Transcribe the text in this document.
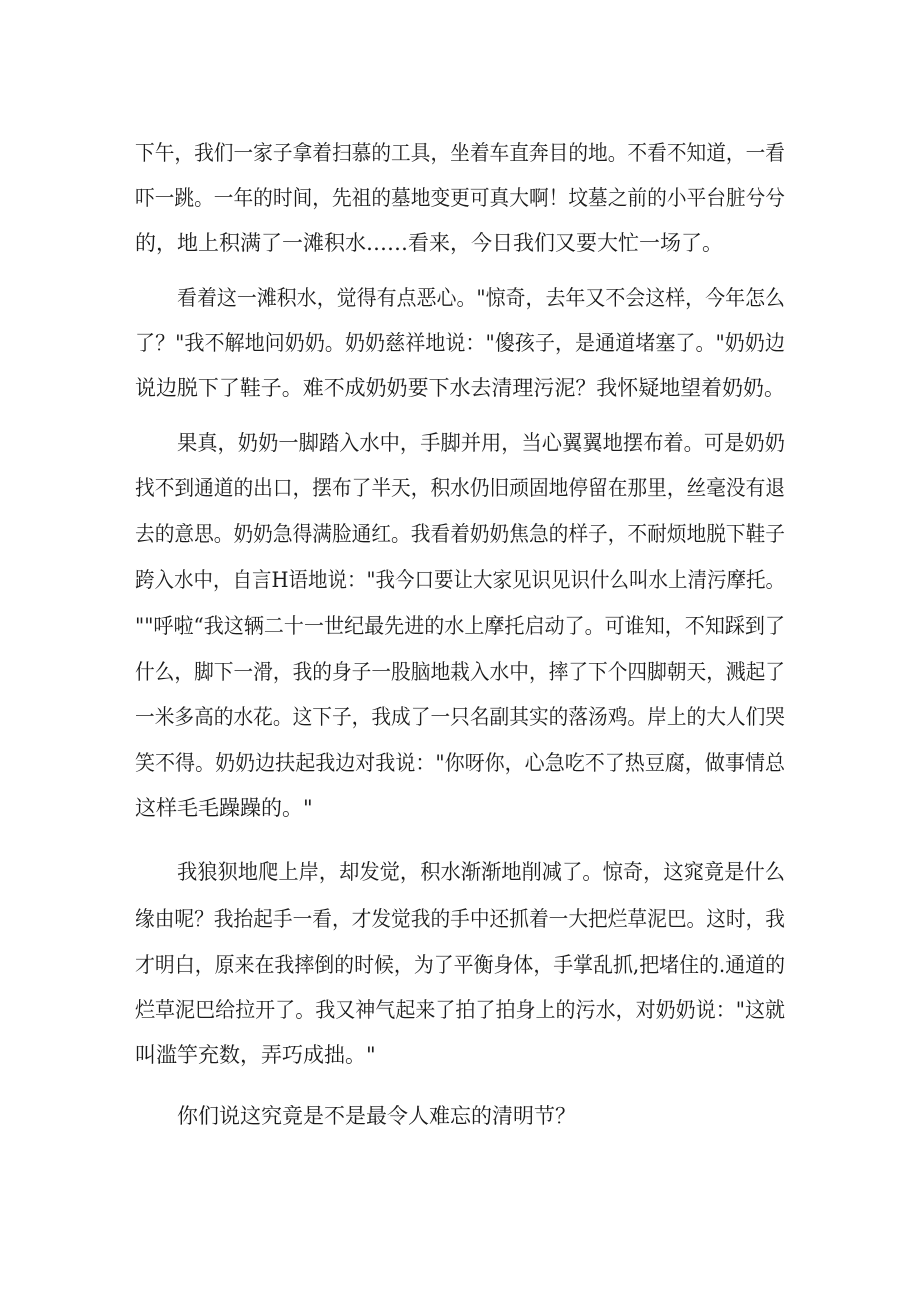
下午，我们一家子拿着扫慕的工具，坐着车直奔目的地。不看不知道，一看
吓一跳。一年的时间，先祖的墓地变更可真大啊！坟墓之前的小平台脏兮兮
的，地上积满了一滩积水……看来，今日我们又要大忙一场了。
看着这一滩积水，觉得有点恶心。"惊奇，去年又不会这样，今年怎么
了？"我不解地问奶奶。奶奶慈祥地说："傻孩子，是通道堵塞了。"奶奶边
说边脱下了鞋子。难不成奶奶要下水去清理污泥？我怀疑地望着奶奶。
果真，奶奶一脚踏入水中，手脚并用，当心翼翼地摆布着。可是奶奶
找不到通道的出口，摆布了半天，积水仍旧顽固地停留在那里，丝毫没有退
去的意思。奶奶急得满脸通红。我看着奶奶焦急的样子，不耐烦地脱下鞋子
跨入水中，自言H语地说："我今口要让大家见识见识什么叫水上清污摩托。
""呼啦“我这辆二十一世纪最先进的水上摩托启动了。可谁知，不知踩到了
什么，脚下一滑，我的身子一股脑地栽入水中，摔了下个四脚朝天，溅起了
一米多高的水花。这下子，我成了一只名副其实的落汤鸡。岸上的大人们哭
笑不得。奶奶边扶起我边对我说："你呀你，心急吃不了热豆腐，做事情总
这样毛毛躁躁的。"
我狼狈地爬上岸，却发觉，积水渐渐地削减了。惊奇，这窕竟是什么
缘由呢？我抬起手一看，才发觉我的手中还抓着一大把烂草泥巴。这时，我
才明白，原来在我摔倒的时候，为了平衡身体，手掌乱抓,把堵住的.通道的
烂草泥巴给拉开了。我又神气起来了拍了拍身上的污水，对奶奶说："这就
叫滥竽充数，弄巧成拙。"
你们说这究竟是不是最令人难忘的清明节？
